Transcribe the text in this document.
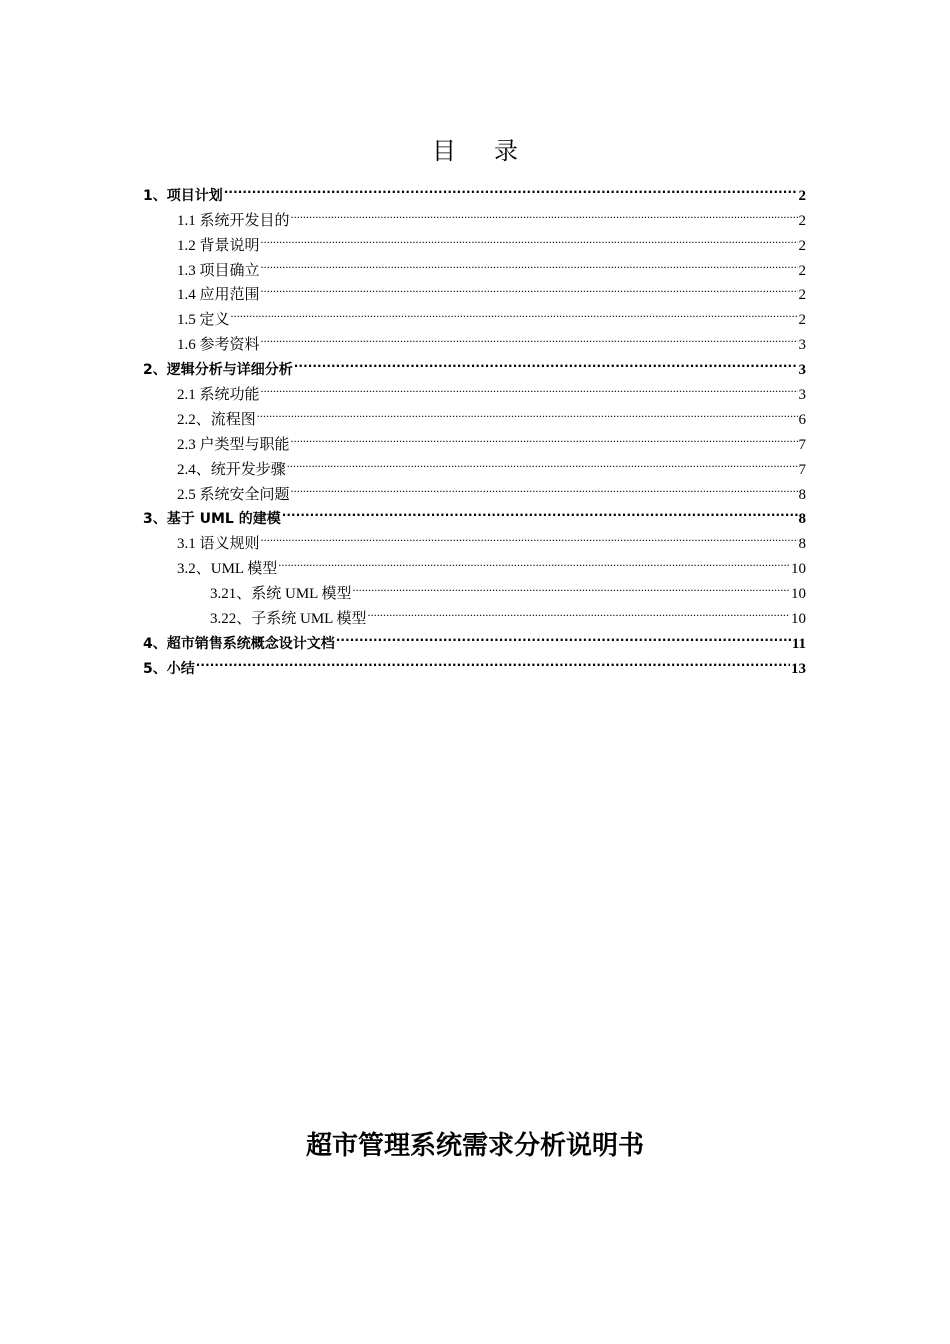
目 录
1、项目计划 .....	2
1.1 系统开发目的 .....	2
1.2 背景说明 .....	2
1.3 项目确立 .....	2
1.4 应用范围 .....	2
1.5 定义 .....	2
1.6 参考资料 .....	3
2、逻辑分析与详细分析 .....	3
2.1 系统功能 .....	3
2.2、流程图 .....	6
2.3 户类型与职能 .....	7
2.4、统开发步骤 .....	7
2.5 系统安全问题 .....	8
3、基于 UML 的建模 .....	8
3.1 语义规则 .....	8
3.2、UML 模型 .....	10
3.21、系统 UML 模型 .....	10
3.22、子系统 UML 模型 .....	10
4、超市销售系统概念设计文档 .....	11
5、小结 .....	13
超市管理系统需求分析说明书
